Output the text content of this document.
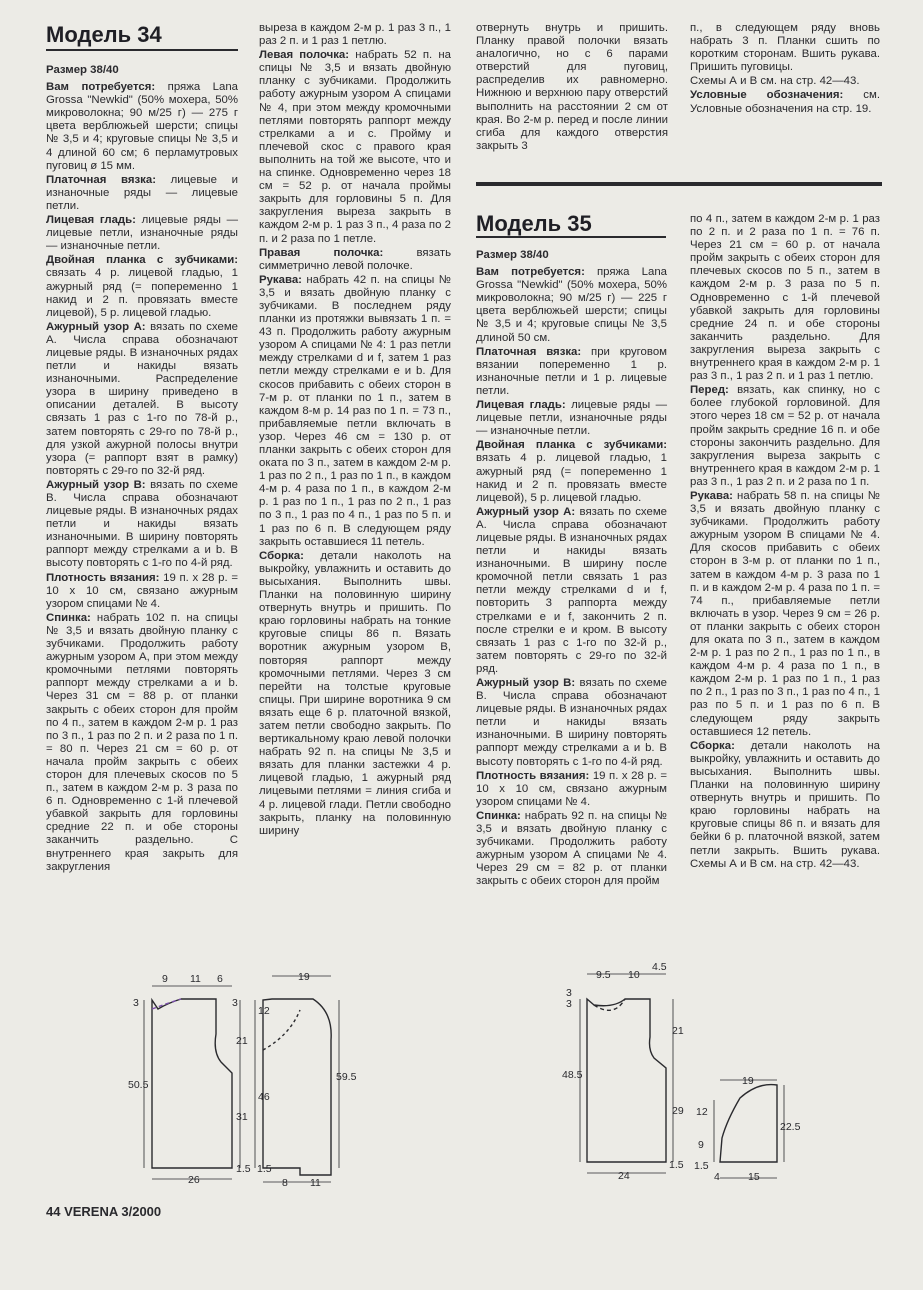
Модель 34

Размер 38/40

Вам потребуется: пряжа Lana Grossa "Newkid" (50% мохера, 50% микроволокна; 90 м/25 г) — 275 г цвета верблюжьей шерсти; спицы № 3,5 и 4; круговые спицы № 3,5 и 4 длиной 60 см; 6 перламутровых пуговиц ø 15 мм.

Платочная вязка: лицевые и изнаночные ряды — лицевые петли.

Лицевая гладь: лицевые ряды — лицевые петли, изнаночные ряды — изнаночные петли.

Двойная планка с зубчиками: связать 4 р. лицевой гладью, 1 ажурный ряд (= попеременно 1 накид и 2 п. провязать вместе лицевой), 5 р. лицевой гладью.

Ажурный узор А: вязать по схеме А. Числа справа обозначают лицевые ряды. В изнаночных рядах петли и накиды вязать изнаночными. Распределение узора в ширину приведено в описании деталей. В высоту связать 1 раз с 1-го по 78-й р., затем повторять с 29-го по 78-й р., для узкой ажурной полосы внутри узора (= раппорт взят в рамку) повторять с 29-го по 32-й ряд.

Ажурный узор В: вязать по схеме В. Числа справа обозначают лицевые ряды. В изнаночных рядах петли и накиды вязать изнаночными. В ширину повторять раппорт между стрелками a и b. В высоту повторять с 1-го по 4-й ряд.

Плотность вязания: 19 п. х 28 р. = 10 х 10 см, связано ажурным узором спицами № 4.

Спинка: набрать 102 п. на спицы № 3,5 и вязать двойную планку с зубчиками. Продолжить работу ажурным узором А, при этом между кромочными петлями повторять раппорт между стрелками a и b. Через 31 см = 88 р. от планки закрыть с обеих сторон для пройм по 4 п., затем в каждом 2-м р. 1 раз по 3 п., 1 раз по 2 п. и 2 раза по 1 п. = 80 п. Через 21 см = 60 р. от начала пройм закрыть с обеих сторон для плечевых скосов по 5 п., затем в каждом 2-м р. 3 раза по 6 п. Одновременно с 1-й плечевой убавкой закрыть для горловины средние 22 п. и обе стороны заканчить раздельно. С внутреннего края закрыть для закругления

выреза в каждом 2-м р. 1 раз 3 п., 1 раз 2 п. и 1 раз 1 петлю.

Левая полочка: набрать 52 п. на спицы № 3,5 и вязать двойную планку с зубчиками. Продолжить работу ажурным узором А спицами № 4, при этом между кромочными петлями повторять раппорт между стрелками a и c. Пройму и плечевой скос с правого края выполнить на той же высоте, что и на спинке. Одновременно через 18 см = 52 р. от начала проймы закрыть для горловины 5 п. Для закругления выреза закрыть в каждом 2-м р. 1 раз 3 п., 4 раза по 2 п. и 2 раза по 1 петле.

Правая полочка: вязать симметрично левой полочке.

Рукава: набрать 42 п. на спицы № 3,5 и вязать двойную планку с зубчиками. В последнем ряду планки из протяжки вывязать 1 п. = 43 п. Продолжить работу ажурным узором А спицами № 4: 1 раз петли между стрелками d и f, затем 1 раз петли между стрелками e и b. Для скосов прибавить с обеих сторон в 7-м р. от планки по 1 п., затем в каждом 8-м р. 14 раз по 1 п. = 73 п., прибавляемые петли включать в узор. Через 46 см = 130 р. от планки закрыть с обеих сторон для оката по 3 п., затем в каждом 2-м р. 1 раз по 2 п., 1 раз по 1 п., в каждом 4-м р. 4 раза по 1 п., в каждом 2-м р. 1 раз по 1 п., 1 раз по 2 п., 1 раз по 3 п., 1 раз по 4 п., 1 раз по 5 п. и 1 раз по 6 п. В следующем ряду закрыть оставшиеся 11 петель.

Сборка: детали наколоть на выкройку, увлажнить и оставить до высыхания. Выполнить швы. Планки на половинную ширину отвернуть внутрь и пришить. По краю горловины набрать на тонкие круговые спицы 86 п. Вязать воротник ажурным узором В, повторяя раппорт между кромочными петлями. Через 3 см перейти на толстые круговые спицы. При ширине воротника 9 см вязать еще 6 р. платочной вязкой, затем петли свободно закрыть. По вертикальному краю левой полочки набрать 92 п. на спицы № 3,5 и вязать для планки застежки 4 р. лицевой гладью, 1 ажурный ряд лицевыми петлями = линия сгиба и 4 р. лицевой глади. Петли свободно закрыть, планку на половинную ширину

отвернуть внутрь и пришить. Планку правой полочки вязать аналогично, но с 6 парами отверстий для пуговиц, распределив их равномерно. Нижнюю и верхнюю пару отверстий выполнить на расстоянии 2 см от края. Во 2-м р. перед и после линии сгиба для каждого отверстия закрыть 3

п., в следующем ряду вновь набрать 3 п. Планки сшить по коротким сторонам. Вшить рукава. Пришить пуговицы.

Схемы А и В см. на стр. 42—43.

Условные обозначения: см. Условные обозначения на стр. 19.

Модель 35

Размер 38/40

Вам потребуется: пряжа Lana Grossa "Newkid" (50% мохера, 50% микроволокна; 90 м/25 г) — 225 г цвета верблюжьей шерсти; спицы № 3,5 и 4; круговые спицы № 3,5 длиной 50 см.

Платочная вязка: при круговом вязании попеременно 1 р. изнаночные петли и 1 р. лицевые петли.

Лицевая гладь: лицевые ряды — лицевые петли, изнаночные ряды — изнаночные петли.

Двойная планка с зубчиками: вязать 4 р. лицевой гладью, 1 ажурный ряд (= попеременно 1 накид и 2 п. провязать вместе лицевой), 5 р. лицевой гладью.

Ажурный узор А: вязать по схеме А. Числа справа обозначают лицевые ряды. В изнаночных рядах петли и накиды вязать изнаночными. В ширину после кромочной петли связать 1 раз петли между стрелками d и f, повторить 3 раппорта между стрелками e и f, закончить 2 п. после стрелки e и кром. В высоту связать 1 раз с 1-го по 32-й р., затем повторять с 29-го по 32-й ряд.

Ажурный узор В: вязать по схеме В. Числа справа обозначают лицевые ряды. В изнаночных рядах петли и накиды вязать изнаночными. В ширину повторять раппорт между стрелками a и b. В высоту повторять с 1-го по 4-й ряд.

Плотность вязания: 19 п. х 28 р. = 10 х 10 см, связано ажурным узором спицами № 4.

Спинка: набрать 92 п. на спицы № 3,5 и вязать двойную планку с зубчиками. Продолжить работу ажурным узором А спицами № 4. Через 29 см = 82 р. от планки закрыть с обеих сторон для пройм

по 4 п., затем в каждом 2-м р. 1 раз по 2 п. и 2 раза по 1 п. = 76 п. Через 21 см = 60 р. от начала пройм закрыть с обеих сторон для плечевых скосов по 5 п., затем в каждом 2-м р. 3 раза по 5 п. Одновременно с 1-й плечевой убавкой закрыть для горловины средние 24 п. и обе стороны заканчить раздельно. Для закругления выреза закрыть с внутреннего края в каждом 2-м р. 1 раз 3 п., 1 раз 2 п. и 1 раз 1 петлю.

Перед: вязать, как спинку, но с более глубокой горловиной. Для этого через 18 см = 52 р. от начала пройм закрыть средние 16 п. и обе стороны закончить раздельно. Для закругления выреза закрыть с внутреннего края в каждом 2-м р. 1 раз 3 п., 1 раз 2 п. и 2 раза по 1 п.

Рукава: набрать 58 п. на спицы № 3,5 и вязать двойную планку с зубчиками. Продолжить работу ажурным узором В спицами № 4. Для скосов прибавить с обеих сторон в 3-м р. от планки по 1 п., затем в каждом 4-м р. 3 раза по 1 п. и в каждом 2-м р. 4 раза по 1 п. = 74 п., прибавляемые петли включать в узор. Через 9 см = 26 р. от планки закрыть с обеих сторон для оката по 3 п., затем в каждом 2-м р. 1 раз по 2 п., 1 раз по 1 п., в каждом 4-м р. 4 раза по 1 п., в каждом 2-м р. 1 раз по 1 п., 1 раз по 2 п., 1 раз по 3 п., 1 раз по 4 п., 1 раз по 5 п. и 1 раз по 6 п. В следующем ряду закрыть оставшиеся 12 петель.

Сборка: детали наколоть на выкройку, увлажнить и оставить до высыхания. Выполнить швы. Планки на половинную ширину отвернуть внутрь и пришить. По краю горловины набрать на круговые спицы 86 п. и вязать для бейки 6 р. платочной вязкой, затем петли закрыть. Вшить рукава. Схемы А и В см. на стр. 42—43.

9 11 6
3
21
31
50.5
1.5
26
19
3
12
46
59.5
1.5
8 11
9.5 10
4.5
3
3
21
48.5
29
1.5
24
19
12
9
22.5
1.5
4	15
44 VERENA 3/2000
